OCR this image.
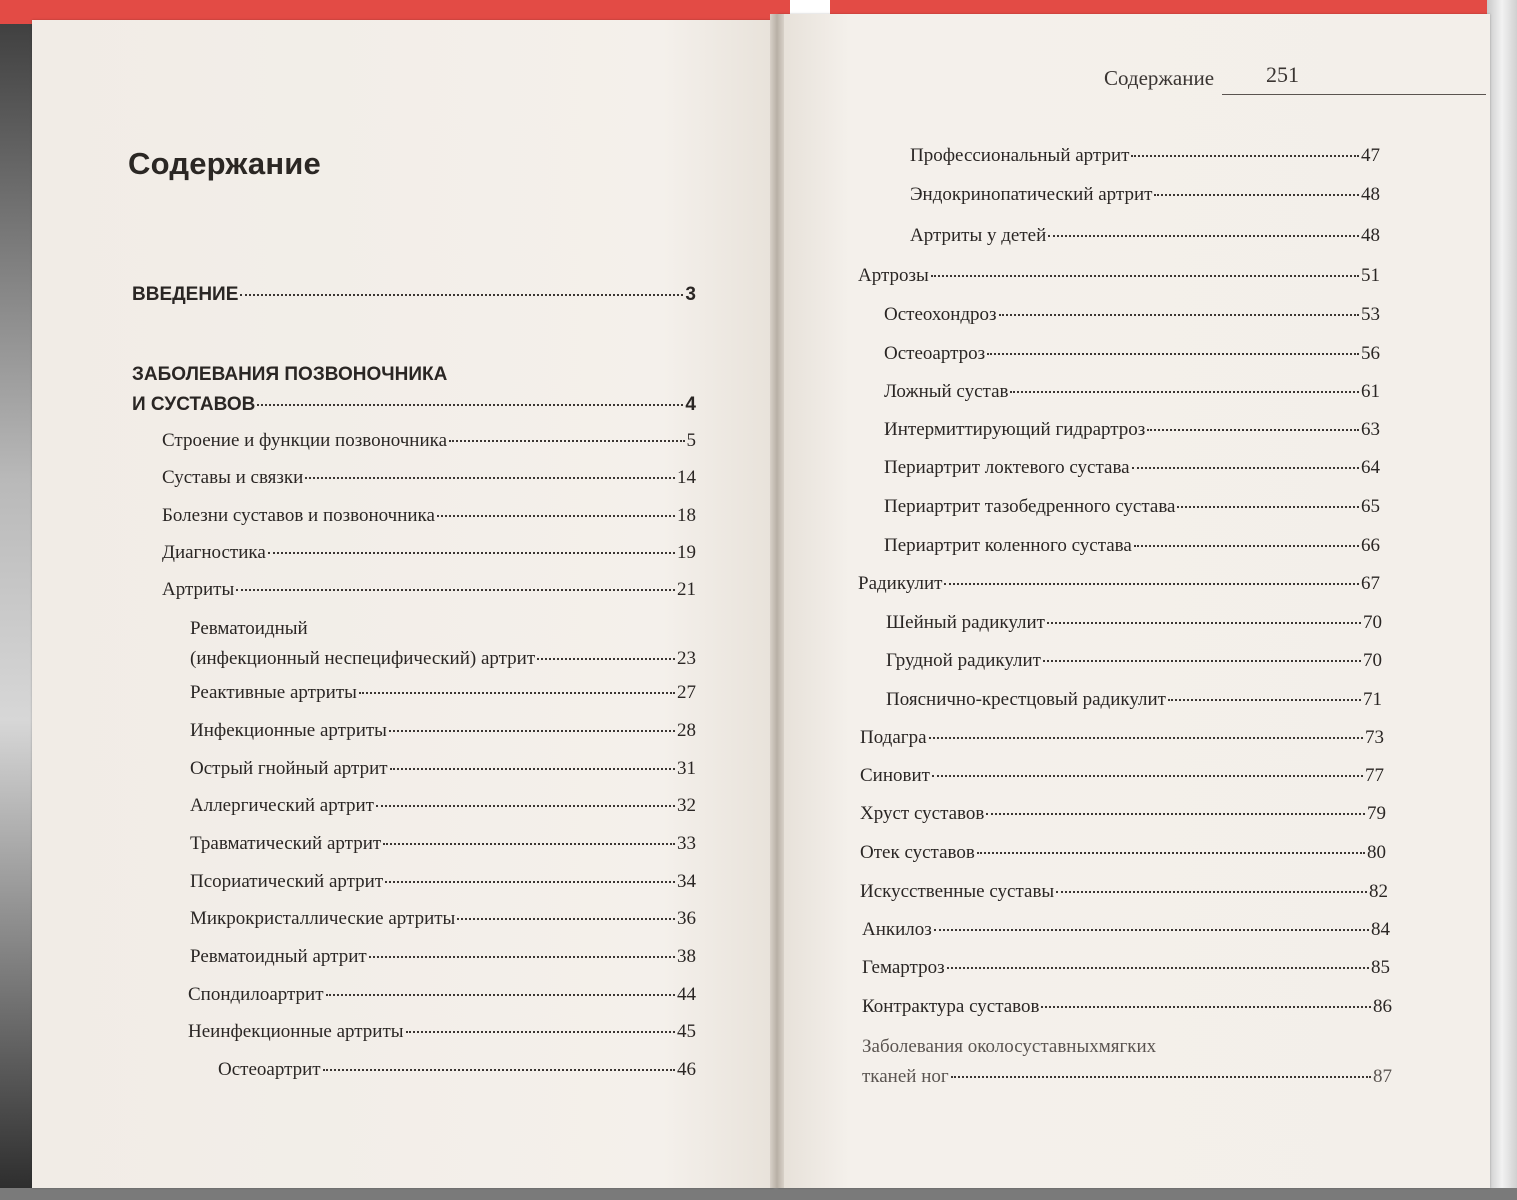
Содержание
Содержание 251
ВВЕДЕНИЕ	3
ЗАБОЛЕВАНИЯ ПОЗВОНОЧНИКА
И СУСТАВОВ	4
Строение и функции позвоночника	5
Суставы и связки	14
Болезни суставов и позвоночника	18
Диагностика	19
Артриты	21
Ревматоидный
(инфекционный неспецифический) артрит	23
Реактивные артриты	27
Инфекционные артриты	28
Острый гнойный артрит	31
Аллергический артрит	32
Травматический артрит	33
Псориатический артрит	34
Микрокристаллические артриты	36
Ревматоидный артрит	38
Спондилоартрит	44
Неинфекционные артриты	45
Остеоартрит	46
Профессиональный артрит	47
Эндокринопатический артрит	48
Артриты у детей	48
Артрозы	51
Остеохондроз	53
Остеоартроз	56
Ложный сустав	61
Интермиттирующий гидрартроз	63
Периартрит локтевого сустава	64
Периартрит тазобедренного сустава	65
Периартрит коленного сустава	66
Радикулит	67
Шейный радикулит	70
Грудной радикулит	70
Пояснично-крестцовый радикулит	71
Подагра	73
Синовит	77
Хруст суставов	79
Отек суставов	80
Искусственные суставы	82
Анкилоз	84
Гемартроз	85
Контрактура суставов	86
Заболевания околосуставныхмягких
тканей ног	87
